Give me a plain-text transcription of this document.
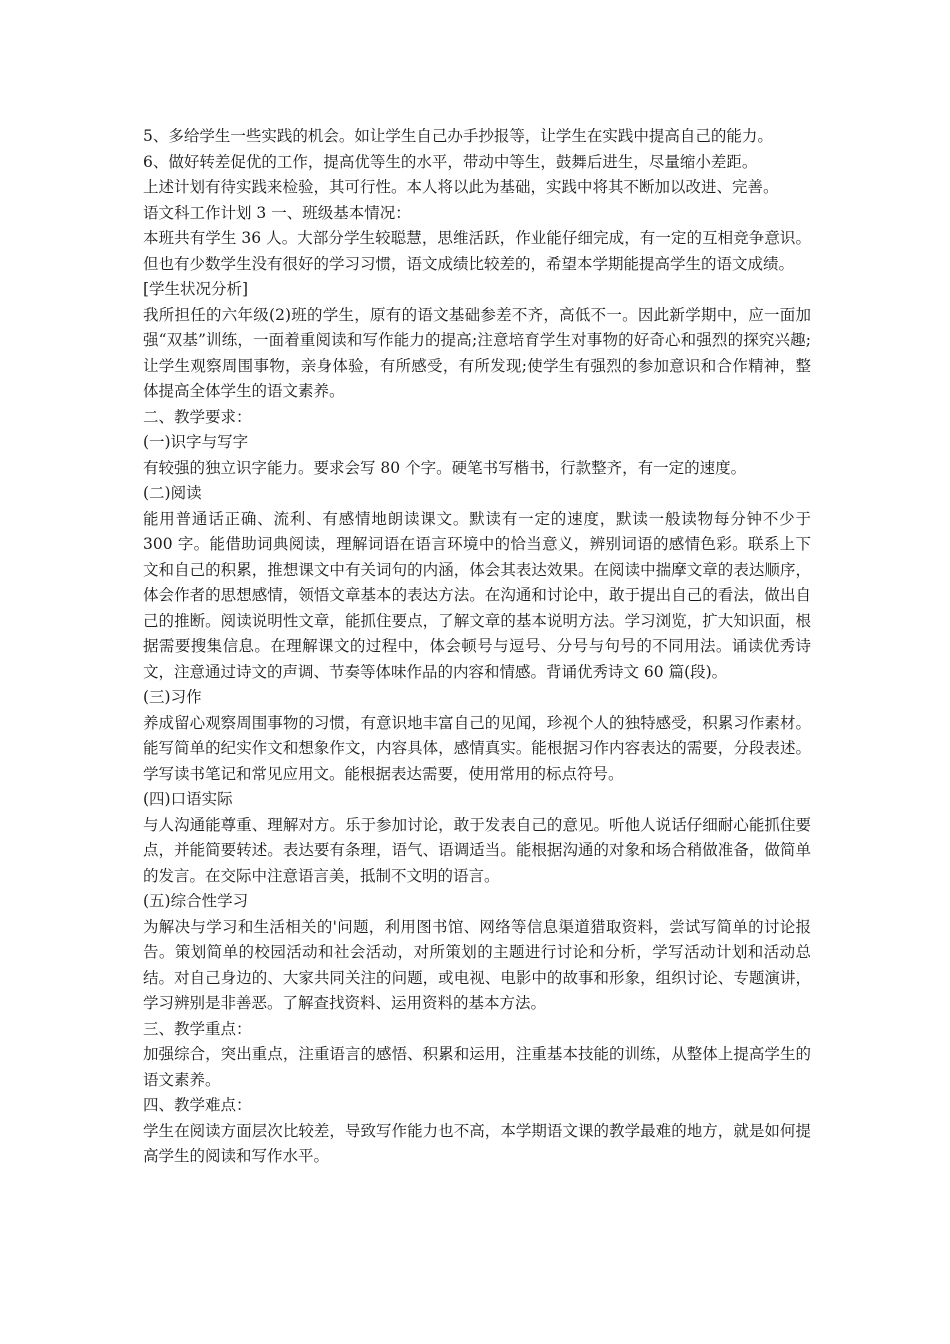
5、多给学生一些实践的机会。如让学生自己办手抄报等，让学生在实践中提高自己的能力。

6、做好转差促优的工作，提高优等生的水平，带动中等生，鼓舞后进生，尽量缩小差距。

上述计划有待实践来检验，其可行性。本人将以此为基础，实践中将其不断加以改进、完善。

语文科工作计划 3 一、班级基本情况：

本班共有学生 36 人。大部分学生较聪慧，思维活跃，作业能仔细完成，有一定的互相竞争意识。但也有少数学生没有很好的学习习惯，语文成绩比较差的，希望本学期能提高学生的语文成绩。

[学生状况分析]

我所担任的六年级(2)班的学生，原有的语文基础参差不齐，高低不一。因此新学期中，应一面加强“双基”训练，一面着重阅读和写作能力的提高;注意培育学生对事物的好奇心和强烈的探究兴趣;让学生观察周围事物，亲身体验，有所感受，有所发现;使学生有强烈的参加意识和合作精神，整体提高全体学生的语文素养。

二、教学要求：

(一)识字与写字

有较强的独立识字能力。要求会写 80 个字。硬笔书写楷书，行款整齐，有一定的速度。

(二)阅读

能用普通话正确、流利、有感情地朗读课文。默读有一定的速度，默读一般读物每分钟不少于 300 字。能借助词典阅读，理解词语在语言环境中的恰当意义，辨别词语的感情色彩。联系上下文和自己的积累，推想课文中有关词句的内涵，体会其表达效果。在阅读中揣摩文章的表达顺序，体会作者的思想感情，领悟文章基本的表达方法。在沟通和讨论中，敢于提出自己的看法，做出自己的推断。阅读说明性文章，能抓住要点，了解文章的基本说明方法。学习浏览，扩大知识面，根据需要搜集信息。在理解课文的过程中，体会顿号与逗号、分号与句号的不同用法。诵读优秀诗文，注意通过诗文的声调、节奏等体味作品的内容和情感。背诵优秀诗文 60 篇(段)。

(三)习作

养成留心观察周围事物的习惯，有意识地丰富自己的见闻，珍视个人的独特感受，积累习作素材。能写简单的纪实作文和想象作文，内容具体，感情真实。能根据习作内容表达的需要，分段表述。学写读书笔记和常见应用文。能根据表达需要，使用常用的标点符号。

(四)口语实际

与人沟通能尊重、理解对方。乐于参加讨论，敢于发表自己的意见。听他人说话仔细耐心能抓住要点，并能简要转述。表达要有条理，语气、语调适当。能根据沟通的对象和场合稍做准备，做简单的发言。在交际中注意语言美，抵制不文明的语言。

(五)综合性学习

为解决与学习和生活相关的'问题，利用图书馆、网络等信息渠道猎取资料，尝试写简单的讨论报告。策划简单的校园活动和社会活动，对所策划的主题进行讨论和分析，学写活动计划和活动总结。对自己身边的、大家共同关注的问题，或电视、电影中的故事和形象，组织讨论、专题演讲，学习辨别是非善恶。了解查找资料、运用资料的基本方法。

三、教学重点：

加强综合，突出重点，注重语言的感悟、积累和运用，注重基本技能的训练，从整体上提高学生的语文素养。

四、教学难点：

学生在阅读方面层次比较差，导致写作能力也不高，本学期语文课的教学最难的地方，就是如何提高学生的阅读和写作水平。
